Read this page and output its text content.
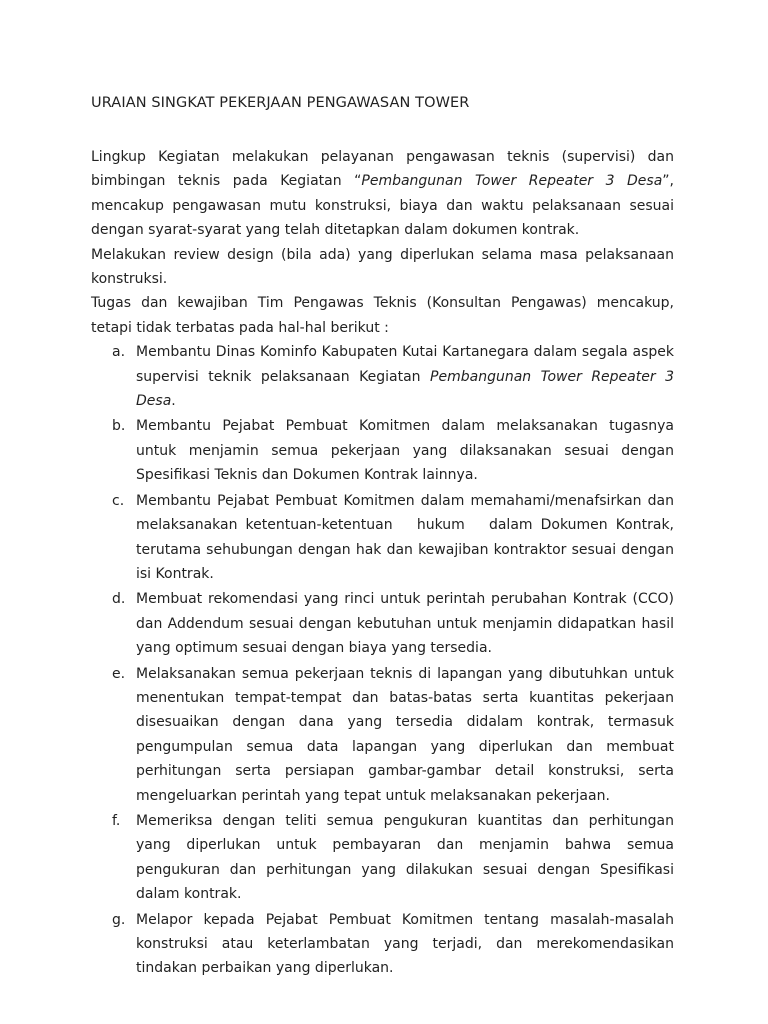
URAIAN SINGKAT PEKERJAAN PENGAWASAN TOWER

Lingkup Kegiatan melakukan pelayanan pengawasan teknis (supervisi) dan bimbingan teknis pada Kegiatan “Pembangunan Tower Repeater 3 Desa”, mencakup pengawasan mutu konstruksi, biaya dan waktu pelaksanaan sesuai dengan syarat-syarat yang telah ditetapkan dalam dokumen kontrak.

Melakukan review design (bila ada) yang diperlukan selama masa pelaksanaan konstruksi.

Tugas dan kewajiban Tim Pengawas Teknis (Konsultan Pengawas) mencakup, tetapi tidak terbatas pada hal-hal berikut :

a. Membantu Dinas Kominfo Kabupaten Kutai Kartanegara dalam segala aspek supervisi teknik pelaksanaan Kegiatan Pembangunan Tower Repeater 3 Desa.
b. Membantu Pejabat Pembuat Komitmen dalam melaksanakan tugasnya untuk menjamin semua pekerjaan yang dilaksanakan sesuai dengan Spesifikasi Teknis dan Dokumen Kontrak lainnya.
c. Membantu Pejabat Pembuat Komitmen dalam memahami/menafsirkan dan melaksanakan ketentuan-ketentuan   hukum   dalam Dokumen Kontrak, terutama sehubungan dengan hak dan kewajiban kontraktor sesuai dengan isi Kontrak.
d. Membuat rekomendasi yang rinci untuk perintah perubahan Kontrak (CCO) dan Addendum sesuai dengan kebutuhan untuk menjamin didapatkan hasil yang optimum sesuai dengan biaya yang tersedia.
e. Melaksanakan semua pekerjaan teknis di lapangan yang dibutuhkan untuk menentukan tempat-tempat dan batas-batas serta kuantitas pekerjaan disesuaikan dengan dana yang tersedia didalam kontrak, termasuk pengumpulan semua data lapangan yang diperlukan dan membuat perhitungan serta persiapan gambar-gambar detail konstruksi, serta mengeluarkan perintah yang tepat untuk melaksanakan pekerjaan.
f. Memeriksa dengan teliti semua pengukuran kuantitas dan perhitungan yang diperlukan untuk pembayaran dan menjamin bahwa semua pengukuran dan perhitungan yang dilakukan sesuai dengan Spesifikasi dalam kontrak.
g. Melapor kepada Pejabat Pembuat Komitmen tentang masalah-masalah konstruksi atau keterlambatan yang terjadi, dan merekomendasikan tindakan perbaikan yang diperlukan.
